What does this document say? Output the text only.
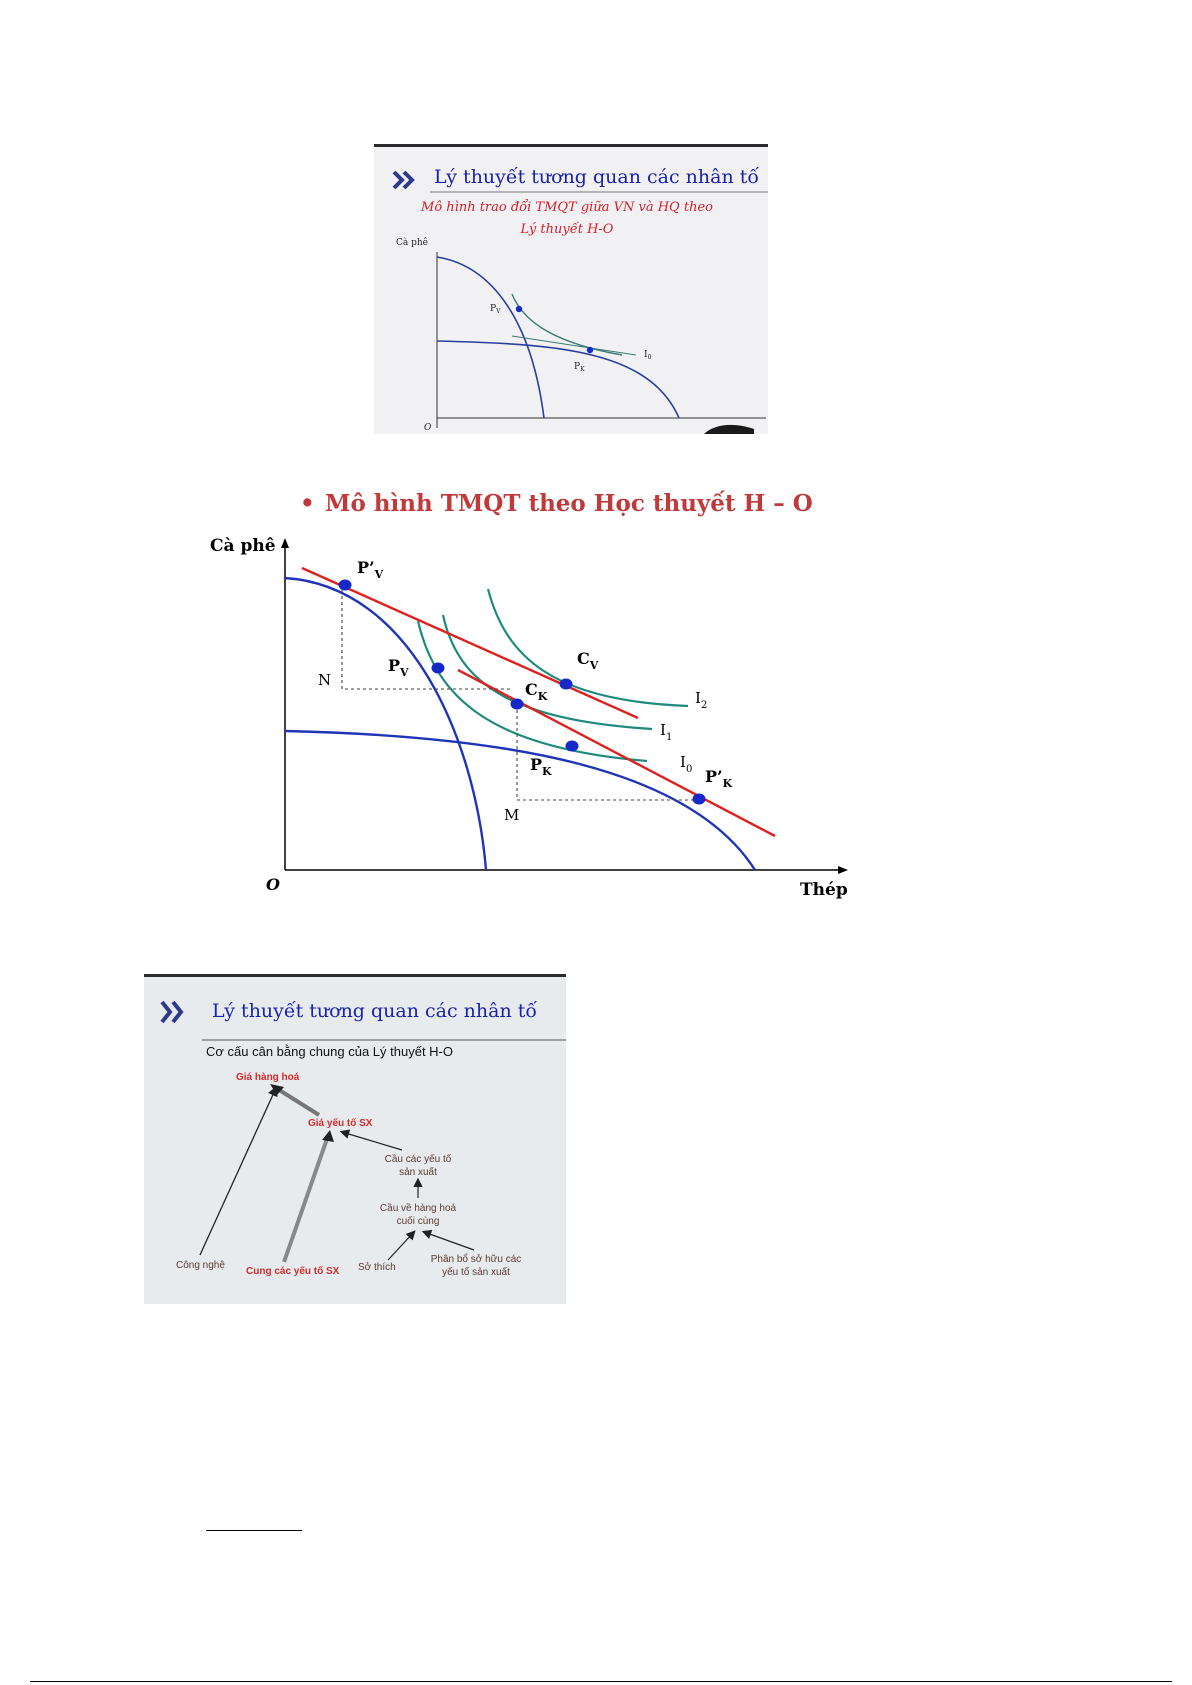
Lý thuyết tương quan các nhân tố
Mô hình trao đổi TMQT giữa VN và HQ theo
Lý thuyết H-O
Cà phê
O
$P_V$
$P_K$
$I_0$
• Mô hình TMQT theo Học thuyết H – O
Cà phê
Thép
O
$P’_V$
$P_V$
$C_V$
$C_K$
$P_K$	$P’_K$
N
M
$I_0$
$I_1$
$I_2$
Lý thuyết tương quan các nhân tố
Cơ cấu cân bằng chung của Lý thuyết H-O
Giá hàng hoá
Giá yếu tố SX
Cầu các yếu tố
sản xuất
Cầu về hàng hoá
cuối cùng
Công nghệ
Cung các yếu tố SX Sở thích
Phân bổ sở hữu các
yếu tố sản xuất
